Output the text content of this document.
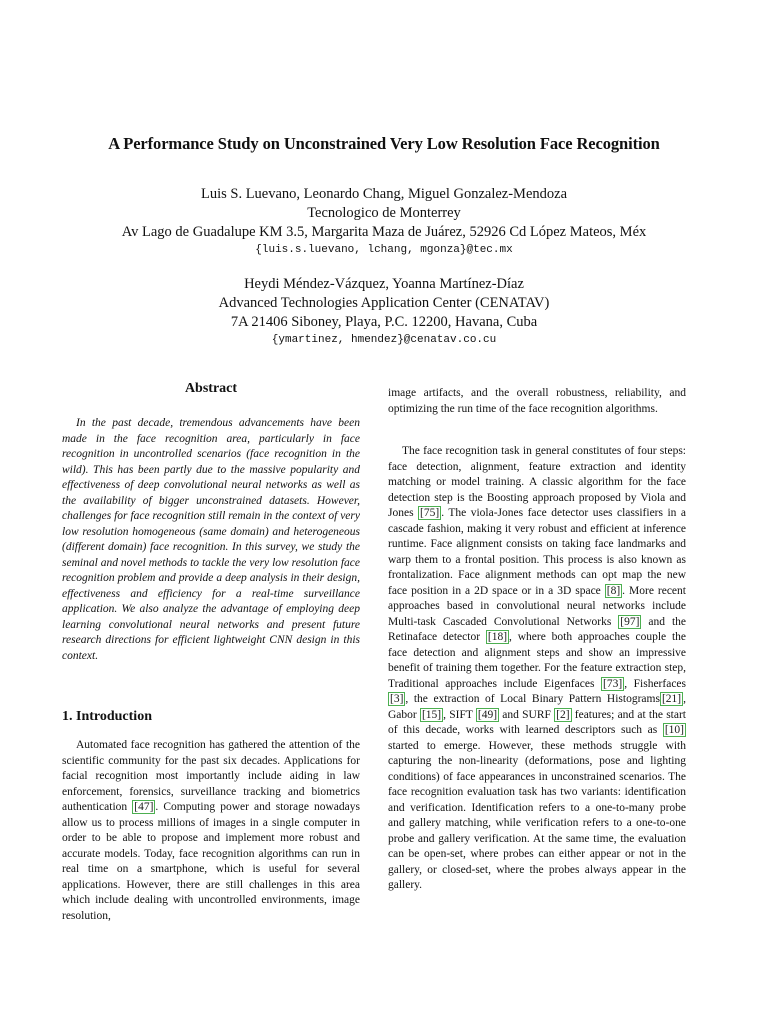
A Performance Study on Unconstrained Very Low Resolution Face Recognition
Luis S. Luevano, Leonardo Chang, Miguel Gonzalez-Mendoza
Tecnologico de Monterrey
Av Lago de Guadalupe KM 3.5, Margarita Maza de Juárez, 52926 Cd López Mateos, Méx
{luis.s.luevano, lchang, mgonza}@tec.mx
Heydi Méndez-Vázquez, Yoanna Martínez-Díaz
Advanced Technologies Application Center (CENATAV)
7A 21406 Siboney, Playa, P.C. 12200, Havana, Cuba
{ymartinez, hmendez}@cenatav.co.cu
Abstract

In the past decade, tremendous advancements have been made in the face recognition area, particularly in face recognition in uncontrolled scenarios (face recognition in the wild). This has been partly due to the massive popularity and effectiveness of deep convolutional neural networks as well as the availability of bigger unconstrained datasets. However, challenges for face recognition still remain in the context of very low resolution homogeneous (same domain) and heterogeneous (different domain) face recognition. In this survey, we study the seminal and novel methods to tackle the very low resolution face recognition problem and provide a deep analysis in their design, effectiveness and efficiency for a real-time surveillance application. We also analyze the advantage of employing deep learning convolutional neural networks and present future research directions for efficient lightweight CNN design in this context.

1. Introduction

Automated face recognition has gathered the attention of the scientific community for the past six decades. Applications for facial recognition most importantly include aiding in law enforcement, forensics, surveillance tracking and biometrics authentication [47] . Computing power and storage nowadays allow us to process millions of images in a single computer in order to be able to propose and implement more robust and accurate models. Today, face recognition algorithms can run in real time on a smartphone, which is useful for several applications. However, there are still challenges in this area which include dealing with uncontrolled environments, image resolution,

image artifacts, and the overall robustness, reliability, and optimizing the run time of the face recognition algorithms.

The face recognition task in general constitutes of four steps: face detection, alignment, feature extraction and identity matching or model training. A classic algorithm for the face detection step is the Boosting approach proposed by Viola and Jones [75] . The viola-Jones face detector uses classifiers in a cascade fashion, making it very robust and efficient at inference runtime. Face alignment consists on taking face landmarks and warp them to a frontal position. This process is also known as frontalization. Face alignment methods can opt map the new face position in a 2D space or in a 3D space [8] . More recent approaches based in convolutional neural networks include Multi-task Cascaded Convolutional Networks [97] and the Retinaface detector [18] , where both approaches couple the face detection and alignment steps and show an impressive benefit of training them together. For the feature extraction step, Traditional approaches include Eigenfaces [73] , Fisherfaces [3] , the extraction of Local Binary Pattern Histograms [21] , Gabor [15] , SIFT [49] and SURF [2] features; and at the start of this decade, works with learned descriptors such as [10] started to emerge. However, these methods struggle with capturing the non-linearity (deformations, pose and lighting conditions) of face appearances in unconstrained scenarios. The face recognition evaluation task has two variants: identification and verification. Identification refers to a one-to-many probe and gallery matching, while verification refers to a one-to-one probe and gallery verification. At the same time, the evaluation can be open-set, where probes can either appear or not in the gallery, or closed-set, where the probes always appear in the gallery.
